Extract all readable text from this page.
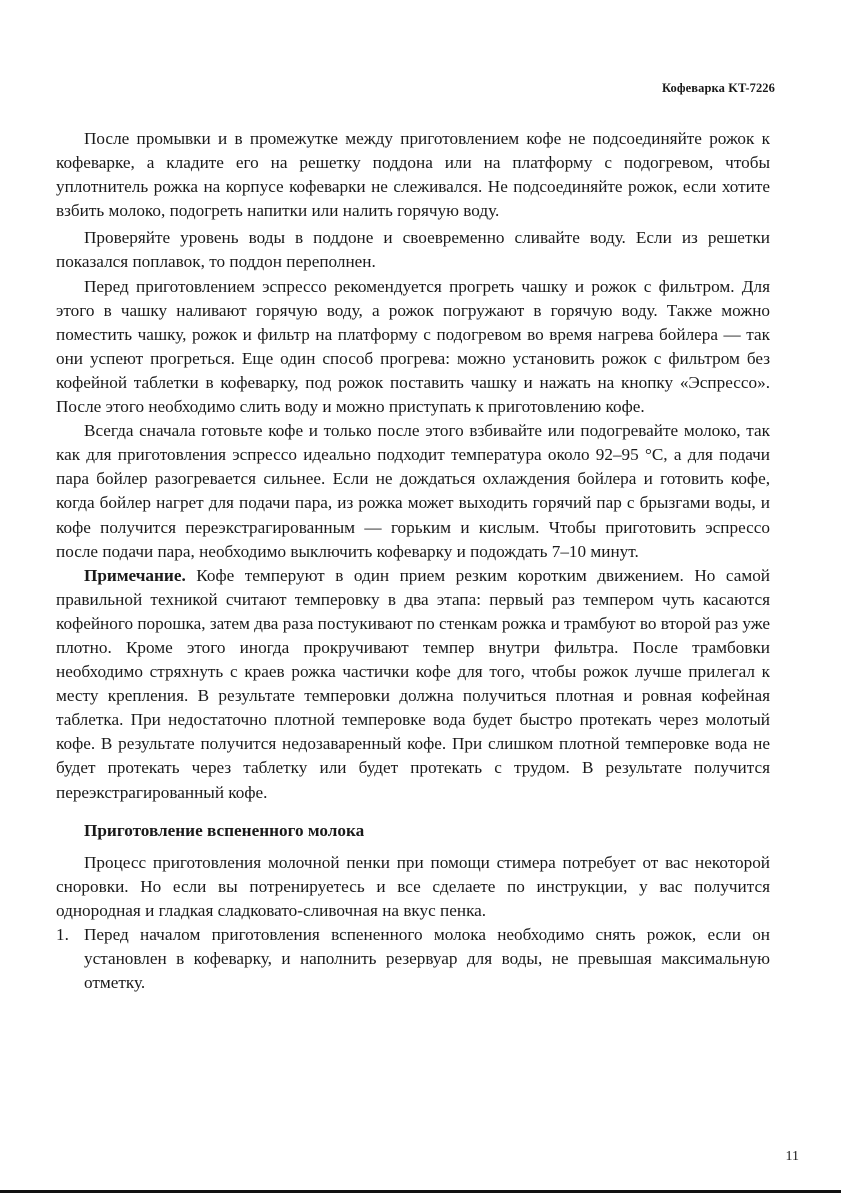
Кофеварка KT-7226

После промывки и в промежутке между приготовлением кофе не подсоединяйте рожок к кофеварке, а кладите его на решетку поддона или на платформу с подогревом, чтобы уплотнитель рожка на корпусе кофеварки не слеживался. Не подсоединяйте рожок, если хотите взбить молоко, подогреть напитки или налить горячую воду.

Проверяйте уровень воды в поддоне и своевременно сливайте воду. Если из решетки показался поплавок, то поддон переполнен.

Перед приготовлением эспрессо рекомендуется прогреть чашку и рожок с фильтром. Для этого в чашку наливают горячую воду, а рожок погружают в горячую воду. Также можно поместить чашку, рожок и фильтр на платформу с подогревом во время нагрева бойлера — так они успеют прогреться. Еще один способ прогрева: можно установить рожок с фильтром без кофейной таблетки в кофеварку, под рожок поставить чашку и нажать на кнопку «Эспрессо». После этого необходимо слить воду и можно приступать к приготовлению кофе.

Всегда сначала готовьте кофе и только после этого взбивайте или подогревайте молоко, так как для приготовления эспрессо идеально подходит температура около 92–95 °C, а для подачи пара бойлер разогревается сильнее. Если не дождаться охлаждения бойлера и готовить кофе, когда бойлер нагрет для подачи пара, из рожка может выходить горячий пар с брызгами воды, и кофе получится переэкстрагированным — горьким и кислым. Чтобы приготовить эспрессо после подачи пара, необходимо выключить кофеварку и подождать 7–10 минут.

Примечание. Кофе темперуют в один прием резким коротким движением. Но самой правильной техникой считают темперовку в два этапа: первый раз темпером чуть касаются кофейного порошка, затем два раза постукивают по стенкам рожка и трамбуют во второй раз уже плотно. Кроме этого иногда прокручивают темпер внутри фильтра. После трамбовки необходимо стряхнуть с краев рожка частички кофе для того, чтобы рожок лучше прилегал к месту крепления. В результате темперовки должна получиться плотная и ровная кофейная таблетка. При недостаточно плотной темперовке вода будет быстро протекать через молотый кофе. В результате получится недозаваренный кофе. При слишком плотной темперовке вода не будет протекать через таблетку или будет протекать с трудом. В результате получится переэкстрагированный кофе.

Приготовление вспененного молока

Процесс приготовления молочной пенки при помощи стимера потребует от вас некоторой сноровки. Но если вы потренируетесь и все сделаете по инструкции, у вас получится однородная и гладкая сладковато-сливочная на вкус пенка.

1. Перед началом приготовления вспененного молока необходимо снять рожок, если он установлен в кофеварку, и наполнить резервуар для воды, не превышая максимальную отметку.
11
